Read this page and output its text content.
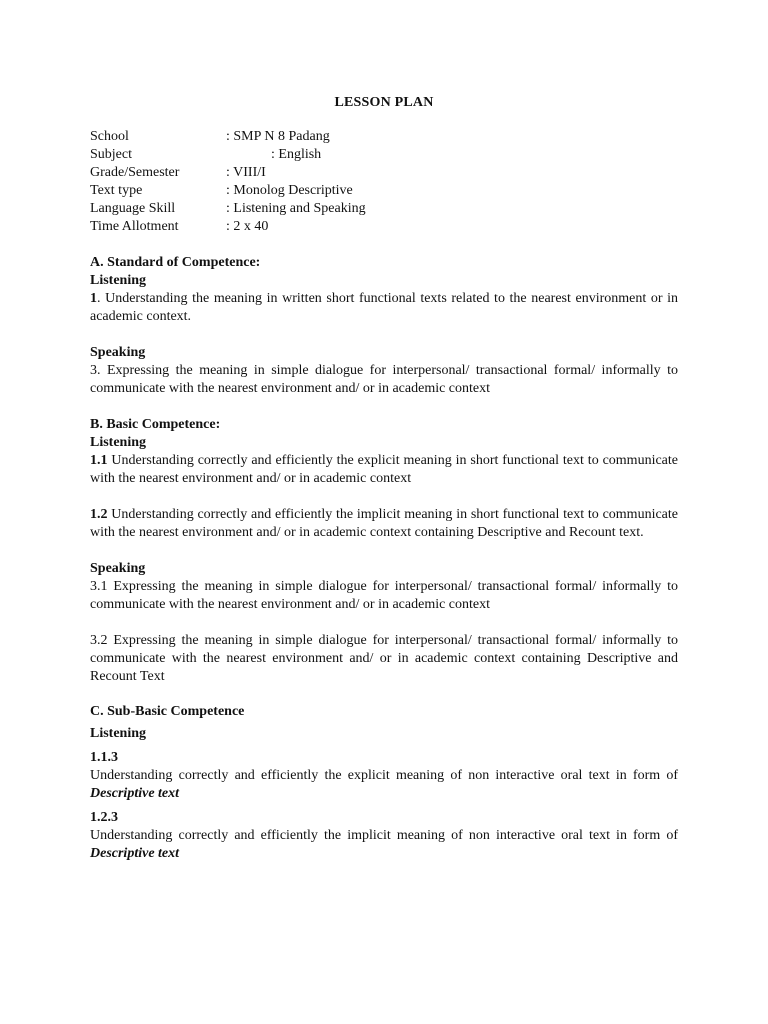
LESSON PLAN
School	: SMP N 8 Padang
Subject	: English
Grade/Semester	: VIII/I
Text type	: Monolog Descriptive
Language Skill	: Listening and Speaking
Time Allotment	: 2 x 40
A. Standard of Competence:
Listening
1. Understanding the meaning in written short functional texts related to the nearest environment or in academic context.
Speaking
3. Expressing the meaning in simple dialogue for interpersonal/ transactional formal/ informally to communicate with the nearest environment and/ or in academic context
B. Basic Competence:
Listening
1.1 Understanding correctly and efficiently the explicit meaning in short functional text to communicate with the nearest environment and/ or in academic context
1.2 Understanding correctly and efficiently the implicit meaning in short functional text to communicate with the nearest environment and/ or in academic context containing Descriptive and Recount text.
Speaking
3.1 Expressing the meaning in simple dialogue for interpersonal/ transactional formal/ informally to communicate with the nearest environment and/ or in academic context
3.2 Expressing the meaning in simple dialogue for interpersonal/ transactional formal/ informally to communicate with the nearest environment and/ or in academic context containing Descriptive and Recount Text
C. Sub-Basic Competence
Listening
1.1.3
Understanding correctly and efficiently the explicit meaning of non interactive oral text in form of Descriptive text
1.2.3
Understanding correctly and efficiently the implicit meaning of non interactive oral text in form of Descriptive text
